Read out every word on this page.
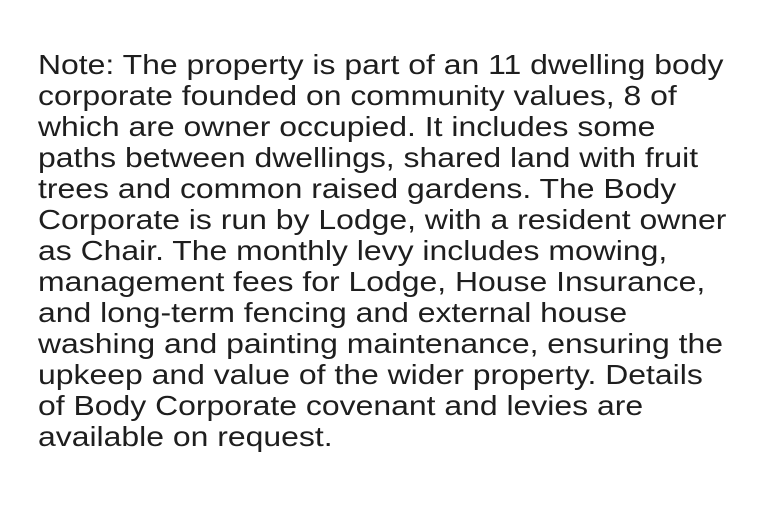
Note: The property is part of an 11 dwelling body
corporate founded on community values, 8 of
which are owner occupied. It includes some
paths between dwellings, shared land with fruit
trees and common raised gardens. The Body
Corporate is run by Lodge, with a resident owner
as Chair. The monthly levy includes mowing,
management fees for Lodge, House Insurance,
and long-term fencing and external house
washing and painting maintenance, ensuring the
upkeep and value of the wider property. Details
of Body Corporate covenant and levies are
available on request.
